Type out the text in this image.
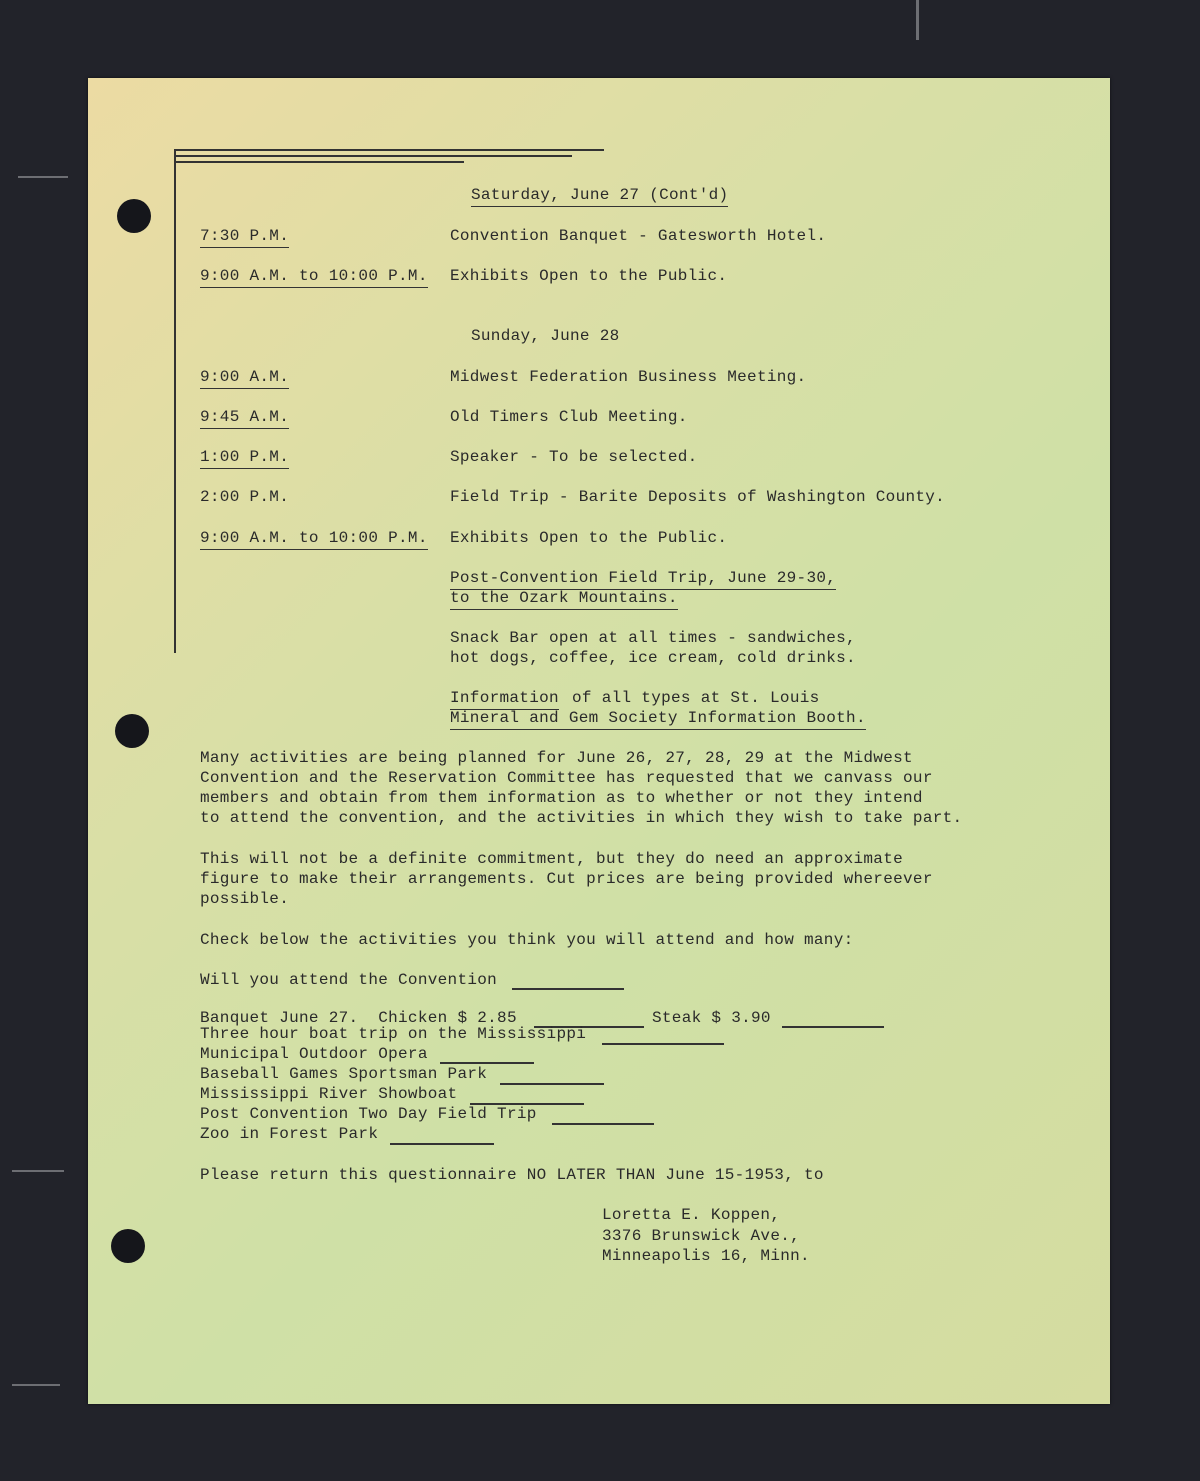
Saturday, June 27 (Cont'd)
7:30 P.M.	Convention Banquet - Gatesworth Hotel.
9:00 A.M. to 10:00 P.M. Exhibits Open to the Public.
Sunday, June 28
9:00 A.M.	Midwest Federation Business Meeting.
9:45 A.M.	Old Timers Club Meeting.
1:00 P.M.	Speaker - To be selected.
2:00 P.M.	Field Trip - Barite Deposits of Washington County.
9:00 A.M. to 10:00 P.M. Exhibits Open to the Public.
Post-Convention Field Trip, June 29-30,
to the Ozark Mountains.
Snack Bar open at all times - sandwiches,
hot dogs, coffee, ice cream, cold drinks.
Information of all types at St. Louis
Mineral and Gem Society Information Booth.
Many activities are being planned for June 26, 27, 28, 29 at the Midwest
Convention and the Reservation Committee has requested that we canvass our
members and obtain from them information as to whether or not they intend
to attend the convention, and the activities in which they wish to take part.
This will not be a definite commitment, but they do need an approximate
figure to make their arrangements. Cut prices are being provided whereever
possible.
Check below the activities you think you will attend and how many:
Will you attend the Convention
Banquet June 27.  Chicken $ 2.85	Steak $ 3.90
Three hour boat trip on the Mississippi
Municipal Outdoor Opera
Baseball Games Sportsman Park
Mississippi River Showboat
Post Convention Two Day Field Trip
Zoo in Forest Park
Please return this questionnaire NO LATER THAN June 15-1953, to
Loretta E. Koppen,
3376 Brunswick Ave.,
Minneapolis 16, Minn.
